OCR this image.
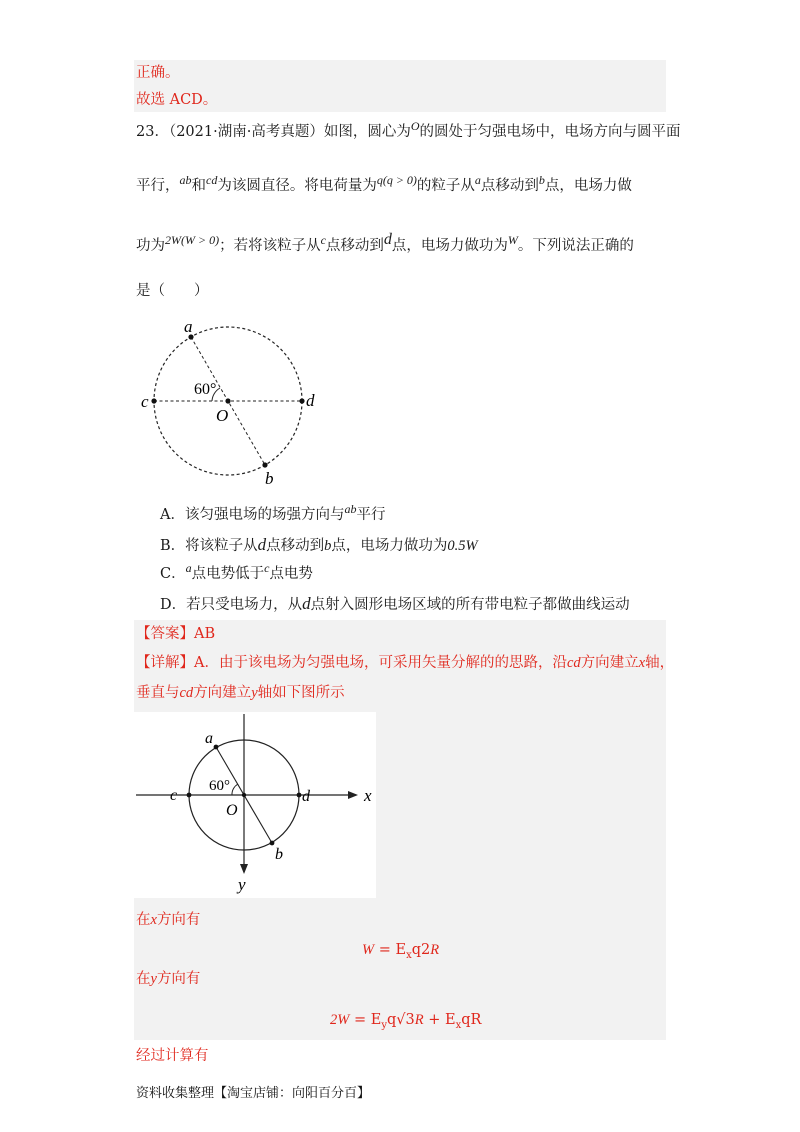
正确。
故选 ACD。
23．（2021·湖南·高考真题）如图，圆心为$^O$的圆处于匀强电场中，电场方向与圆平面
平行，$^{ab}$和$^{cd}$为该圆直径。将电荷量为$^{q(q > 0)}$的粒子从$^a$点移动到$^b$点，电场力做
功为$^{2W(W > 0)}$；若将该粒子从$^c$点移动到d点，电场力做功为$^W$。下列说法正确的
是（　　）
a
b
c	d
O
60°
A．该匀强电场的场强方向与$^{ab}$平行
B．将该粒子从d点移动到b点，电场力做功为0.5W
C．$^a$点电势低于$^c$点电势
D．若只受电场力，从d点射入圆形电场区域的所有带电粒子都做曲线运动
【答案】AB
【详解】A．由于该电场为匀强电场，可采用矢量分解的的思路，沿cd方向建立x轴，
垂直与cd方向建立y轴如下图所示
a
b
c	d
O
60°	x
y
在x方向有
$W = E_xq2R$
在y方向有
$2W = E_yq√3R + E_xqR$
经过计算有
资料收集整理【淘宝店铺：向阳百分百】
